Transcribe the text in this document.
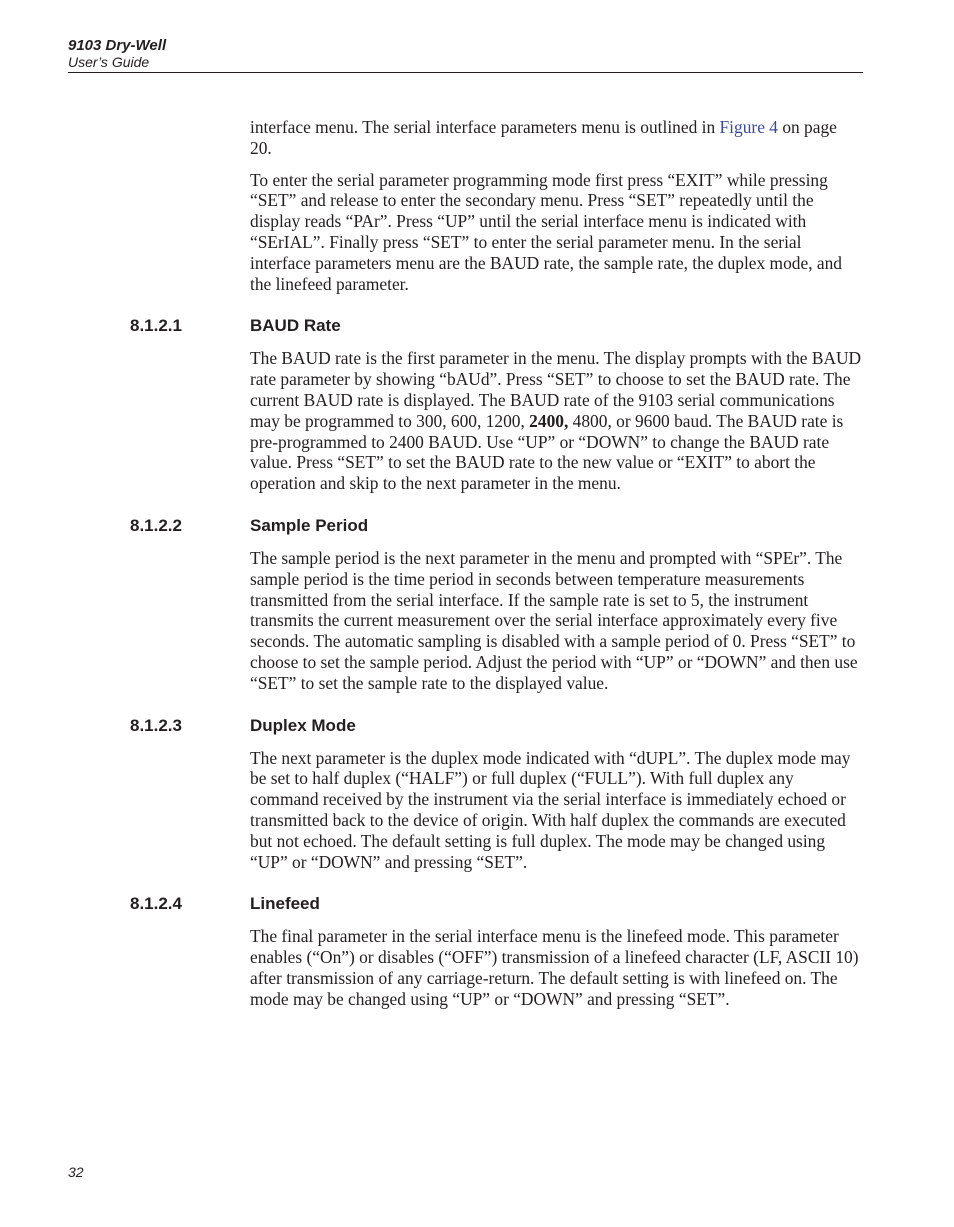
9103 Dry-Well
User’s Guide

interface menu. The serial interface parameters menu is outlined in Figure 4 on page 20.

To enter the serial parameter programming mode first press “EXIT” while pressing “SET” and release to enter the secondary menu. Press “SET” repeatedly until the display reads “PAr”. Press “UP” until the serial interface menu is indicated with “SErIAL”. Finally press “SET” to enter the serial parameter menu. In the serial interface parameters menu are the BAUD rate, the sample rate, the duplex mode, and the linefeed parameter.

8.1.2.1	BAUD Rate

The BAUD rate is the first parameter in the menu. The display prompts with the BAUD rate parameter by showing “bAUd”. Press “SET” to choose to set the BAUD rate. The current BAUD rate is displayed. The BAUD rate of the 9103 serial communications may be programmed to 300, 600, 1200, 2400, 4800, or 9600 baud. The BAUD rate is pre-programmed to 2400 BAUD. Use “UP” or “DOWN” to change the BAUD rate value. Press “SET” to set the BAUD rate to the new value or “EXIT” to abort the operation and skip to the next parameter in the menu.

8.1.2.2	Sample Period

The sample period is the next parameter in the menu and prompted with “SPEr”. The sample period is the time period in seconds between temperature measurements transmitted from the serial interface. If the sample rate is set to 5, the instrument transmits the current measurement over the serial interface approximately every five seconds. The automatic sampling is disabled with a sample period of 0. Press “SET” to choose to set the sample period. Adjust the period with “UP” or “DOWN” and then use “SET” to set the sample rate to the displayed value.

8.1.2.3	Duplex Mode

The next parameter is the duplex mode indicated with “dUPL”. The duplex mode may be set to half duplex (“HALF”) or full duplex (“FULL”). With full duplex any command received by the instrument via the serial interface is immediately echoed or transmitted back to the device of origin. With half duplex the commands are executed but not echoed. The default setting is full duplex. The mode may be changed using “UP” or “DOWN” and pressing “SET”.

8.1.2.4	Linefeed

The final parameter in the serial interface menu is the linefeed mode. This parameter enables (“On”) or disables (“OFF”) transmission of a linefeed character (LF, ASCII 10) after transmission of any carriage-return. The default setting is with linefeed on. The mode may be changed using “UP” or “DOWN” and pressing “SET”.

32
